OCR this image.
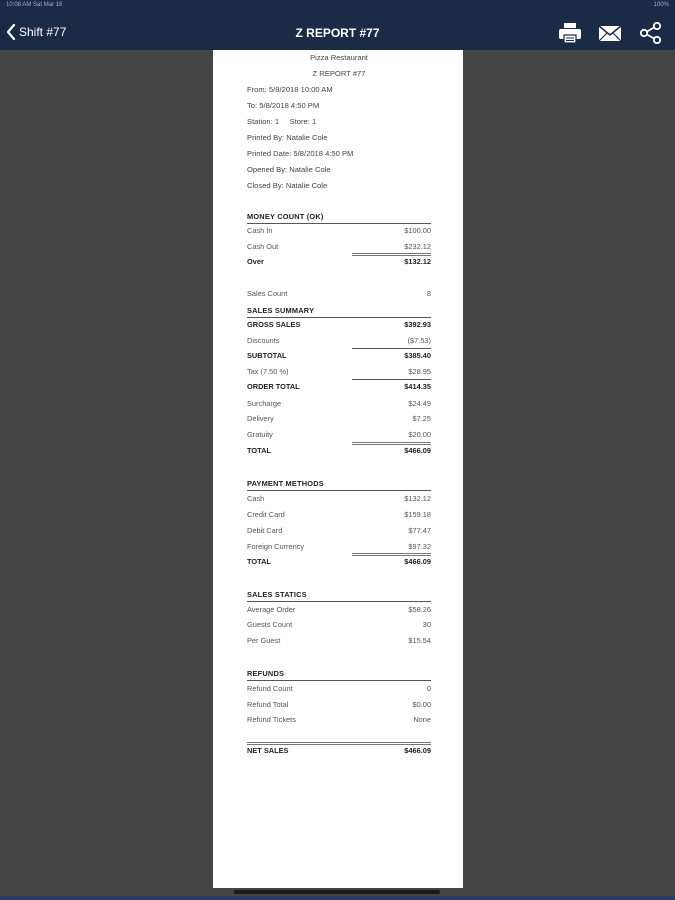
10:08 AM Sat Mar 16	100%
Shift #77	Z REPORT #77
Pizza Restaurant
Z REPORT #77
From: 5/8/2018 10:00 AM
To: 5/8/2018 4:50 PM
Station: 1     Store: 1
Printed By: Natalie Cole
Printed Date: 5/8/2018 4:50 PM
Opened By: Natalie Cole
Closed By: Natalie Cole
MONEY COUNT (OK)
Cash In	$100.00
Cash Out	$232.12
Over	$132.12
Sales Count	8
SALES SUMMARY
GROSS SALES	$392.93
Discounts	($7.53)
SUBTOTAL	$385.40
Tax (7.50 %)	$28.95
ORDER TOTAL	$414.35
Surcharge	$24.49
Delivery	$7.25
Gratuity	$20.00
TOTAL	$466.09
PAYMENT METHODS
Cash	$132.12
Credit Card	$159.18
Debit Card	$77.47
Foreign Currency	$97.32
TOTAL	$466.09
SALES STATICS
Average Order	$58.26
Guests Count	30
Per Guest	$15.54
REFUNDS
Refund Count	0
Refund Total	$0.00
Refund Tickets	None
NET SALES	$466.09
